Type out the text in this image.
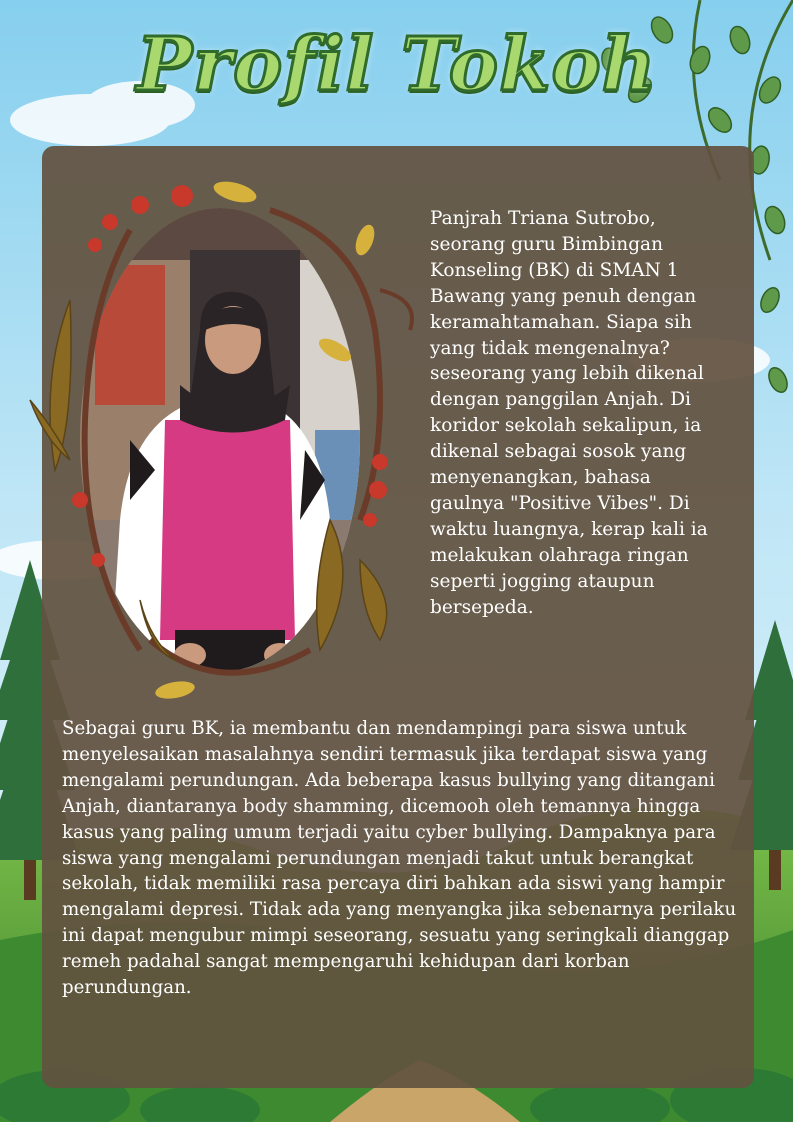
Profil Tokoh

Panjrah Triana Sutrobo, seorang guru Bimbingan Konseling (BK) di SMAN 1 Bawang yang penuh dengan keramahtamahan. Siapa sih yang tidak mengenalnya? seseorang yang lebih dikenal dengan panggilan Anjah. Di koridor sekolah sekalipun, ia dikenal sebagai sosok yang menyenangkan, bahasa gaulnya "Positive Vibes". Di waktu luangnya, kerap kali ia melakukan olahraga ringan seperti jogging ataupun bersepeda.

Sebagai guru BK, ia membantu dan mendampingi para siswa untuk menyelesaikan masalahnya sendiri termasuk jika terdapat siswa yang mengalami perundungan. Ada beberapa kasus bullying yang ditangani Anjah, diantaranya body shamming, dicemooh oleh temannya hingga kasus yang paling umum terjadi yaitu cyber bullying. Dampaknya para siswa yang mengalami perundungan menjadi takut untuk berangkat sekolah, tidak memiliki rasa percaya diri bahkan ada siswi yang hampir mengalami depresi. Tidak ada yang menyangka jika sebenarnya perilaku ini dapat mengubur mimpi seseorang, sesuatu yang seringkali dianggap remeh padahal sangat mempengaruhi kehidupan dari korban perundungan.
